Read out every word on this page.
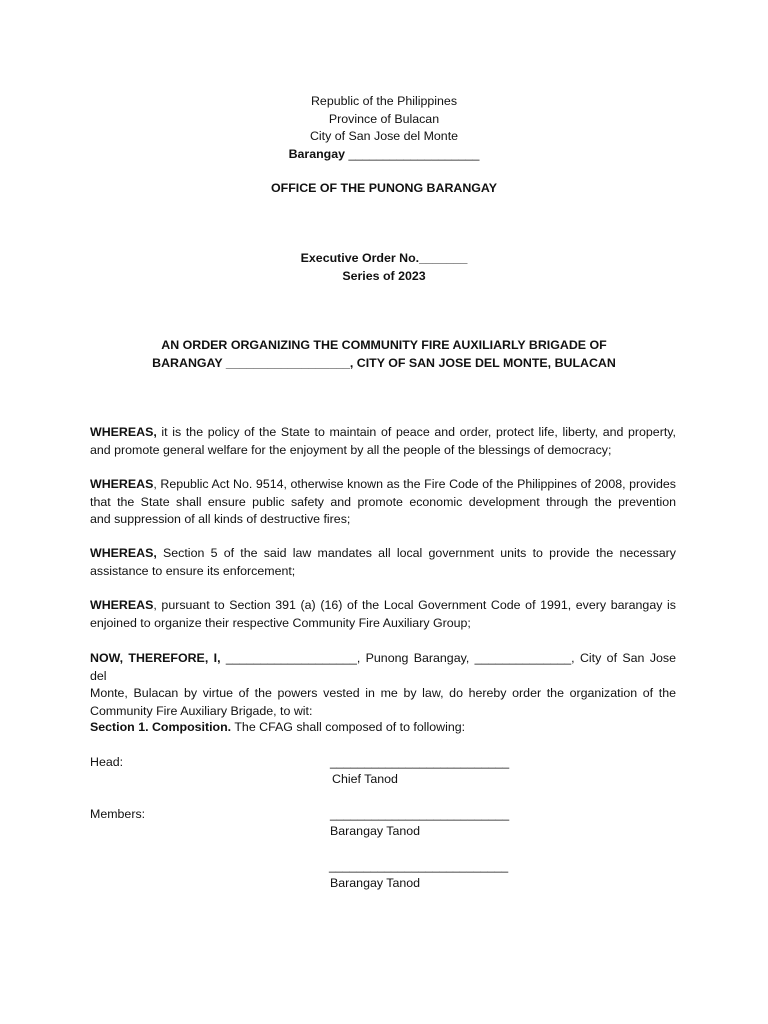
Republic of the Philippines
Province of Bulacan
City of San Jose del Monte
Barangay ___________________
OFFICE OF THE PUNONG BARANGAY
Executive Order No._______
Series of 2023
AN ORDER ORGANIZING THE COMMUNITY FIRE AUXILIARLY BRIGADE OF
BARANGAY __________________, CITY OF SAN JOSE DEL MONTE, BULACAN
WHEREAS, it is the policy of the State to maintain of peace and order, protect life, liberty, and property,
and promote general welfare for the enjoyment by all the people of the blessings of democracy;
WHEREAS, Republic Act No. 9514, otherwise known as the Fire Code of the Philippines of 2008, provides
that the State shall ensure public safety and promote economic development through the prevention
and suppression of all kinds of destructive fires;
WHEREAS, Section 5 of the said law mandates all local government units to provide the necessary
assistance to ensure its enforcement;
WHEREAS, pursuant to Section 391 (a) (16) of the Local Government Code of 1991, every barangay is
enjoined to organize their respective Community Fire Auxiliary Group;
NOW, THEREFORE, I, ___________________, Punong Barangay, ______________, City of San Jose del
Monte, Bulacan by virtue of the powers vested in me by law, do hereby order the organization of the
Community Fire Auxiliary Brigade, to wit:
Section 1. Composition. The CFAG shall composed of to following:
Head:	__________________________
Chief Tanod
Members:	__________________________
Barangay Tanod
__________________________
Barangay Tanod
